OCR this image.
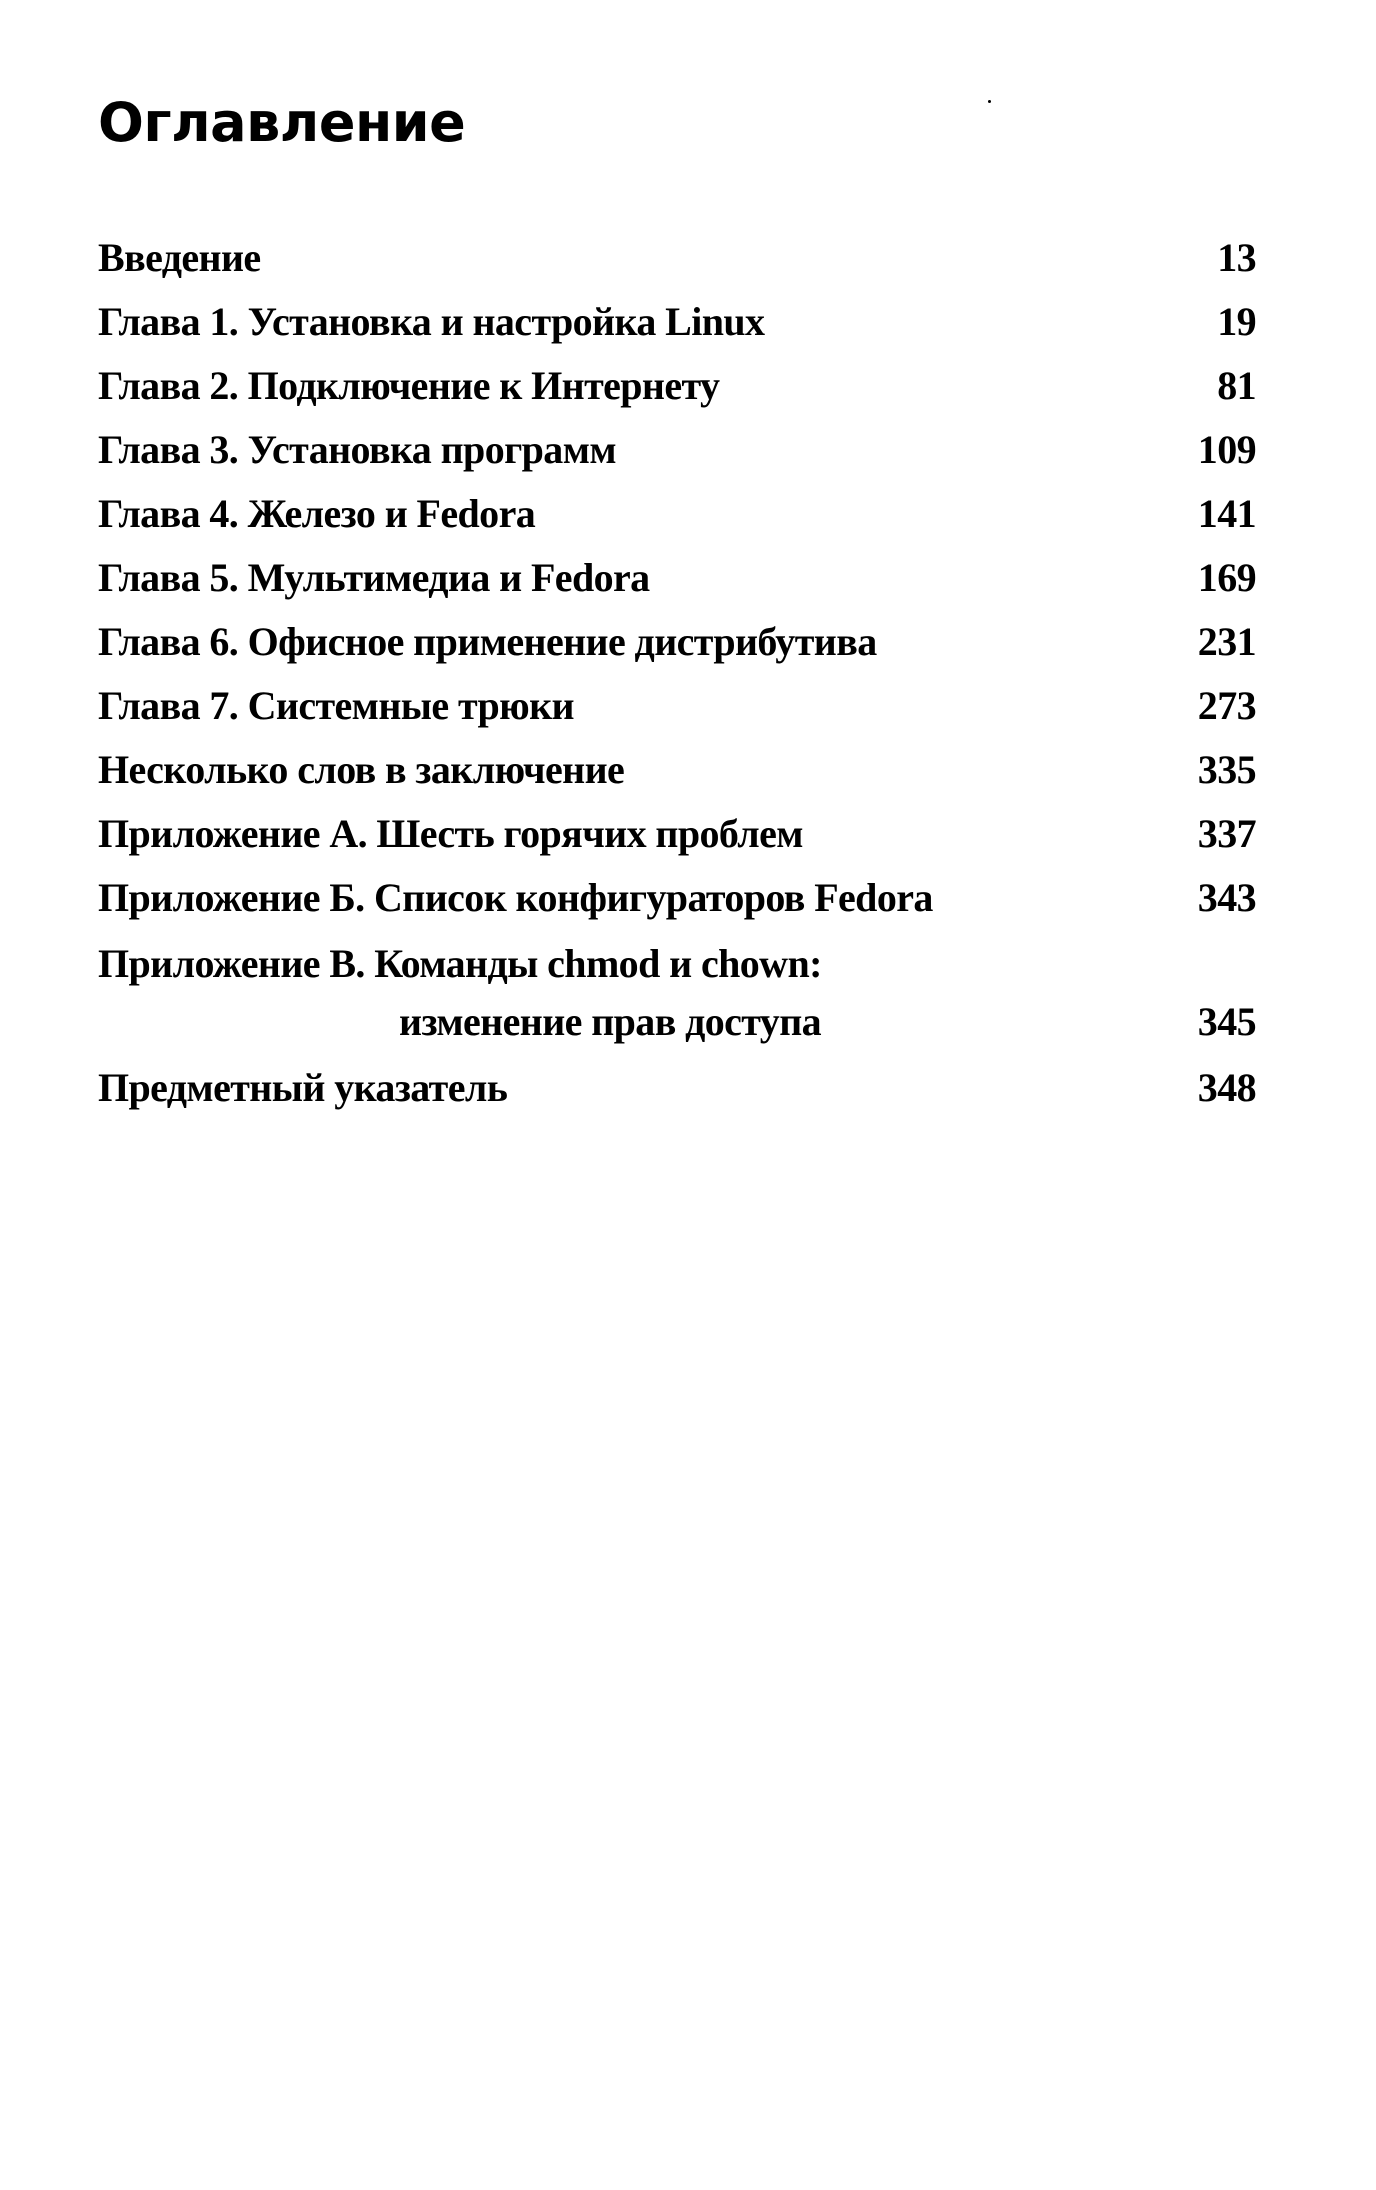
Оглавление
Введение	13
Глава 1. Установка и настройка Linux	19
Глава 2. Подключение к Интернету	81
Глава 3. Установка программ	109
Глава 4. Железо и Fedora	141
Глава 5. Мультимедиа и Fedora	169
Глава 6. Офисное применение дистрибутива	231
Глава 7. Системные трюки	273
Несколько слов в заключение	335
Приложение А. Шесть горячих проблем	337
Приложение Б. Список конфигураторов Fedora	343
Приложение В. Команды chmod и chown:
изменение прав доступа	345
Предметный указатель	348
